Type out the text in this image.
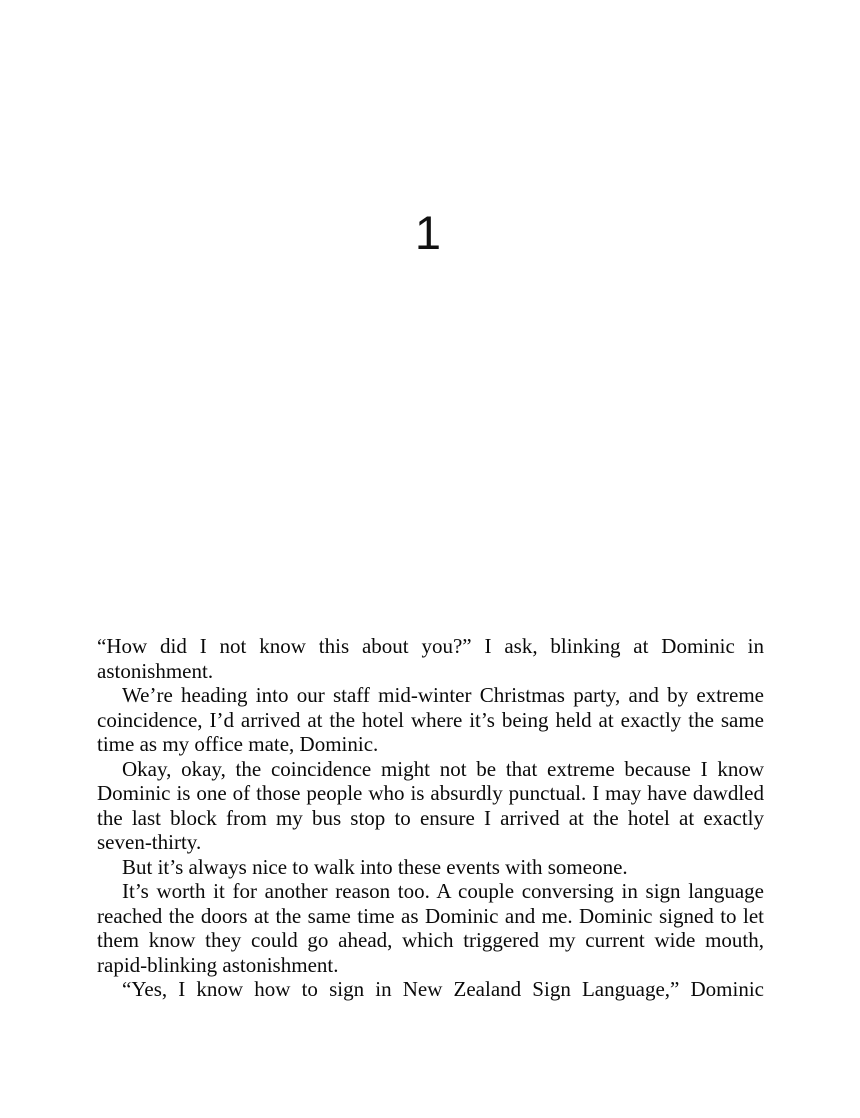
1

“How did I not know this about you?” I ask, blinking at Dominic in astonishment.

We’re heading into our staff mid-winter Christmas party, and by extreme coincidence, I’d arrived at the hotel where it’s being held at exactly the same time as my office mate, Dominic.

Okay, okay, the coincidence might not be that extreme because I know Dominic is one of those people who is absurdly punctual. I may have dawdled the last block from my bus stop to ensure I arrived at the hotel at exactly seven-thirty.

But it’s always nice to walk into these events with someone.

It’s worth it for another reason too. A couple conversing in sign language reached the doors at the same time as Dominic and me. Dominic signed to let them know they could go ahead, which triggered my current wide mouth, rapid-blinking astonishment.

“Yes, I know how to sign in New Zealand Sign Language,” Dominic
